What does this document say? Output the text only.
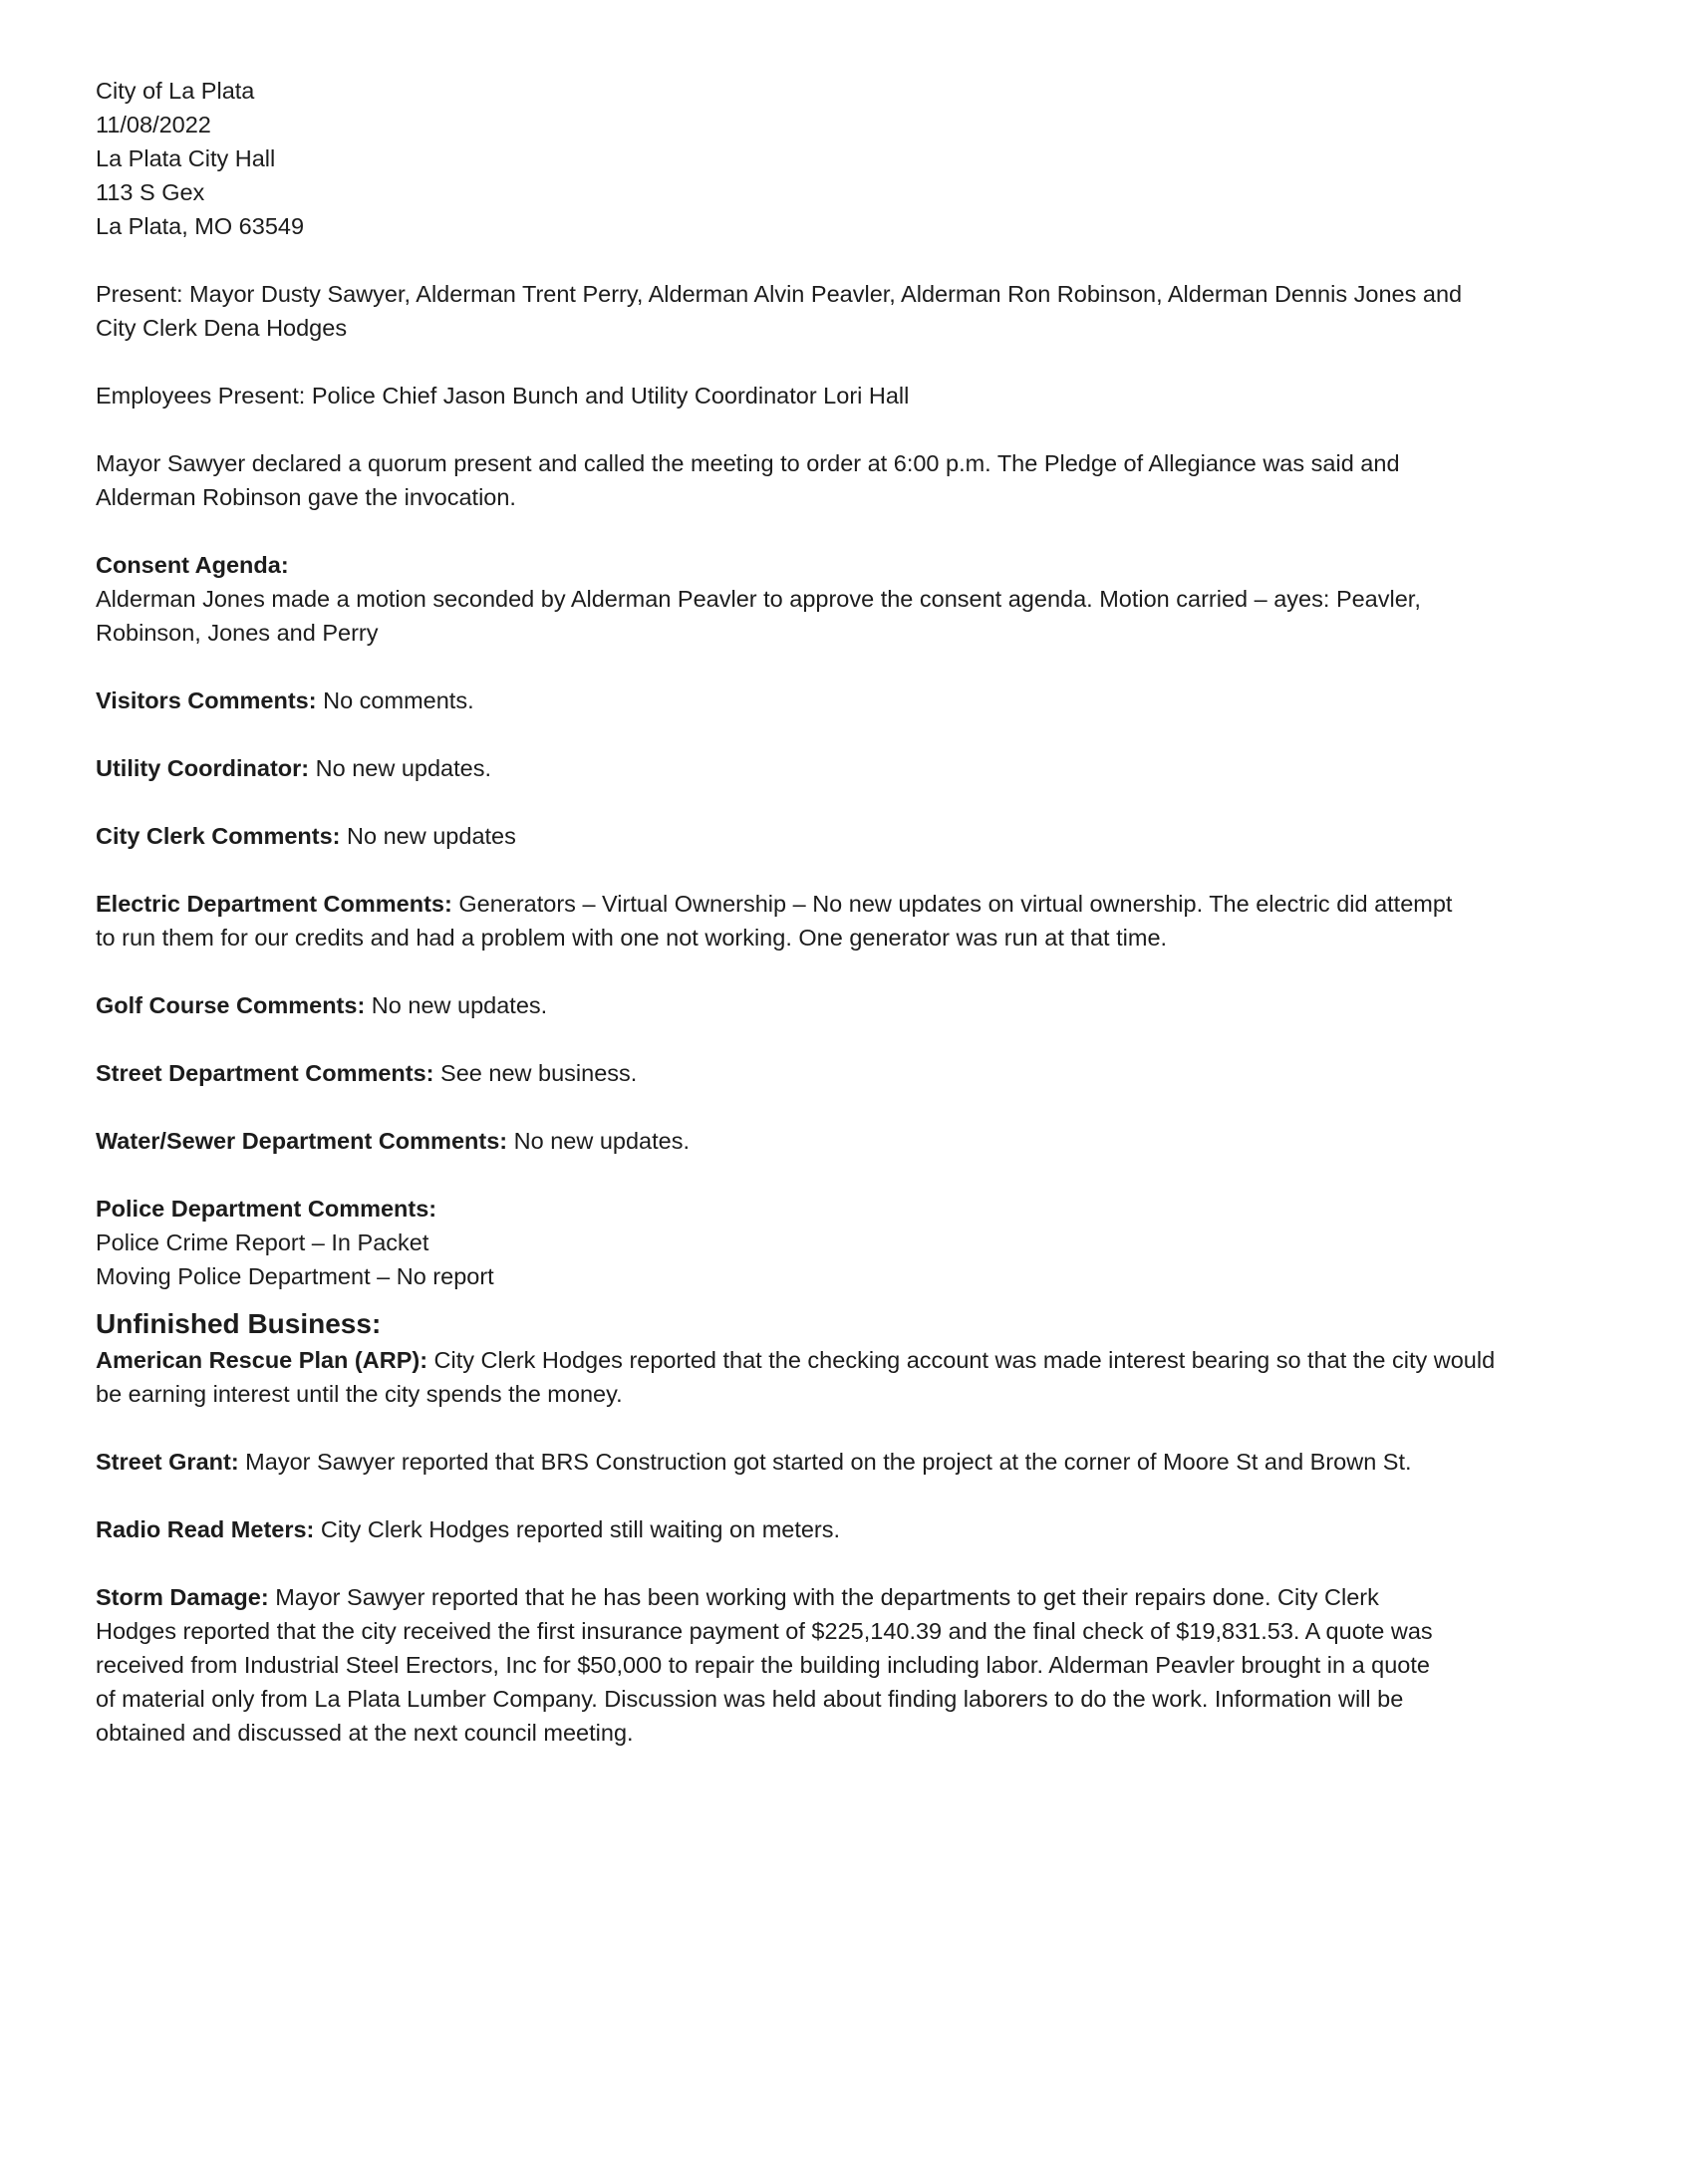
City of La Plata
11/08/2022
La Plata City Hall
113 S Gex
La Plata, MO 63549
Present: Mayor Dusty Sawyer, Alderman Trent Perry, Alderman Alvin Peavler, Alderman Ron Robinson, Alderman Dennis Jones and
City Clerk Dena Hodges
Employees Present: Police Chief Jason Bunch and Utility Coordinator Lori Hall
Mayor Sawyer declared a quorum present and called the meeting to order at 6:00 p.m. The Pledge of Allegiance was said and
Alderman Robinson gave the invocation.
Consent Agenda:
Alderman Jones made a motion seconded by Alderman Peavler to approve the consent agenda. Motion carried – ayes: Peavler,
Robinson, Jones and Perry
Visitors Comments: No comments.
Utility Coordinator: No new updates.
City Clerk Comments: No new updates
Electric Department Comments: Generators – Virtual Ownership – No new updates on virtual ownership. The electric did attempt
to run them for our credits and had a problem with one not working. One generator was run at that time.
Golf Course Comments: No new updates.
Street Department Comments: See new business.
Water/Sewer Department Comments: No new updates.
Police Department Comments:
Police Crime Report – In Packet
Moving Police Department – No report
Unfinished Business:
American Rescue Plan (ARP): City Clerk Hodges reported that the checking account was made interest bearing so that the city would
be earning interest until the city spends the money.
Street Grant: Mayor Sawyer reported that BRS Construction got started on the project at the corner of Moore St and Brown St.
Radio Read Meters: City Clerk Hodges reported still waiting on meters.
Storm Damage: Mayor Sawyer reported that he has been working with the departments to get their repairs done. City Clerk
Hodges reported that the city received the first insurance payment of $225,140.39 and the final check of $19,831.53. A quote was
received from Industrial Steel Erectors, Inc for $50,000 to repair the building including labor. Alderman Peavler brought in a quote
of material only from La Plata Lumber Company. Discussion was held about finding laborers to do the work. Information will be
obtained and discussed at the next council meeting.
